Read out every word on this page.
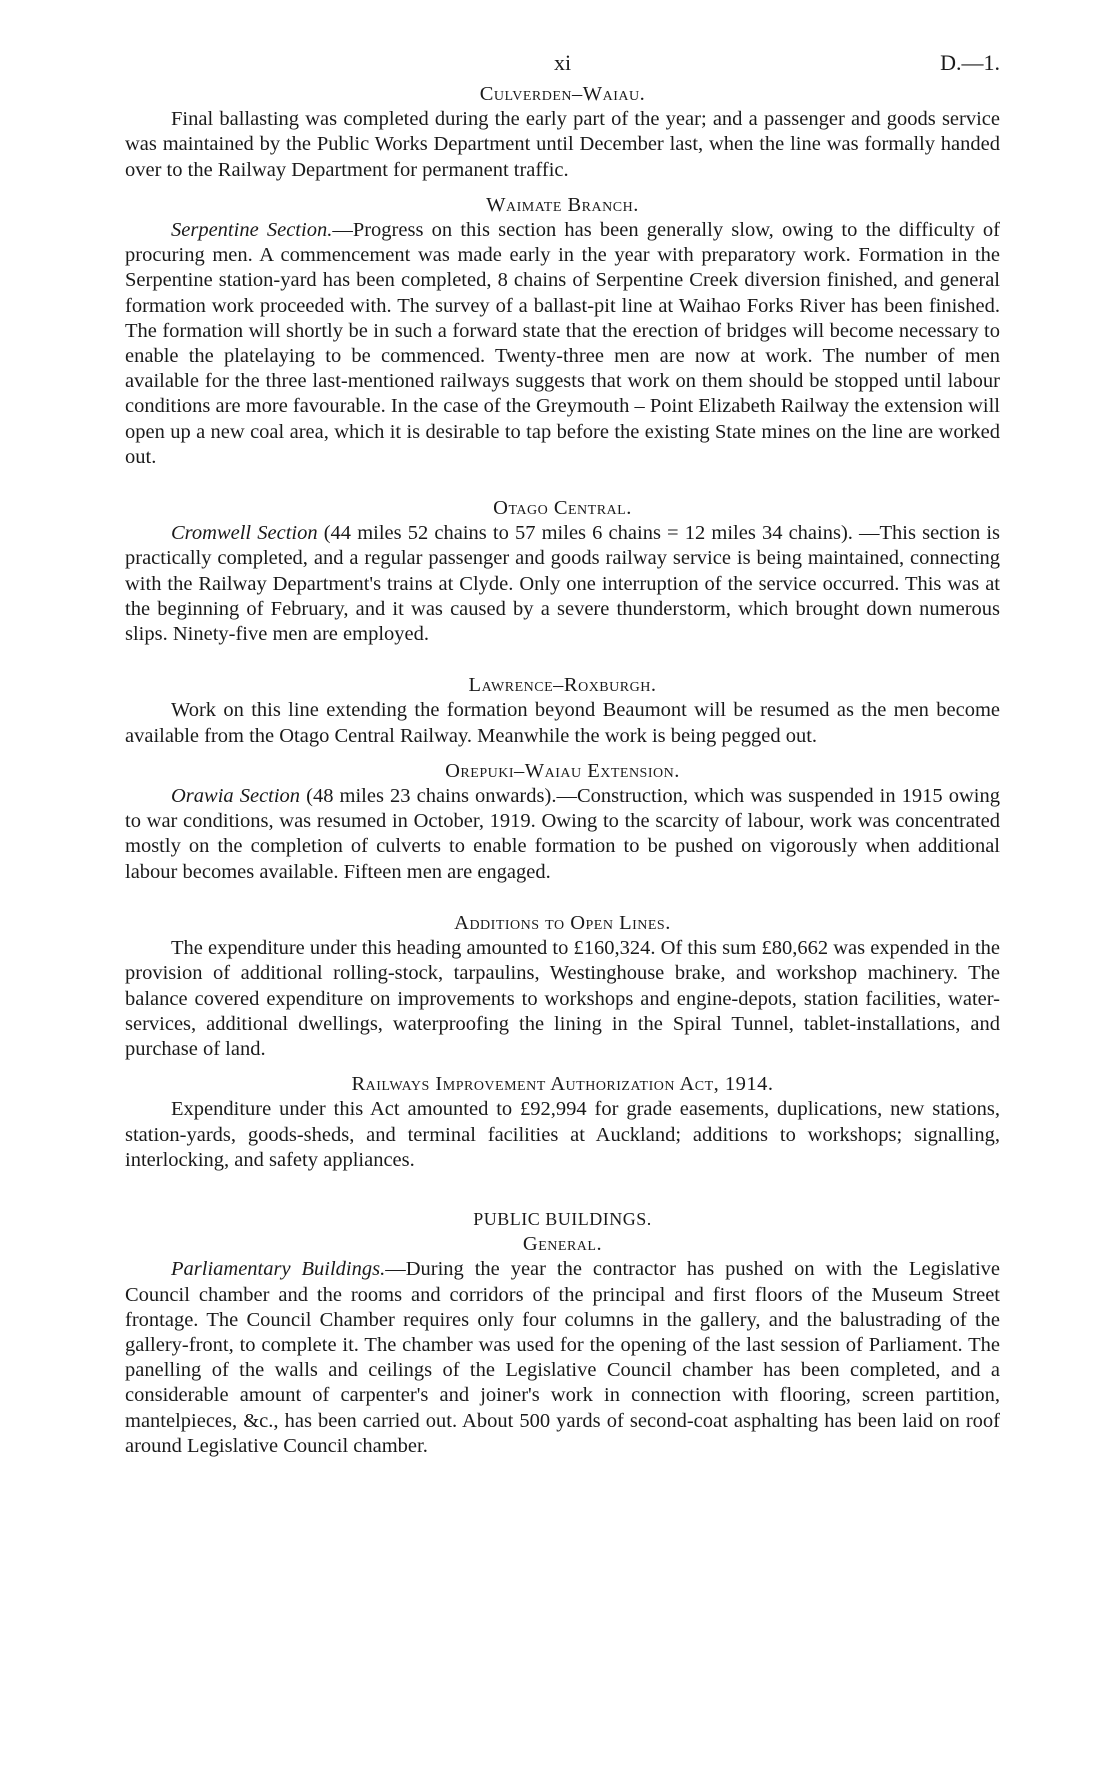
xi	D.—1.
Culverden–Waiau.

Final ballasting was completed during the early part of the year; and a passenger and goods service was maintained by the Public Works Department until December last, when the line was formally handed over to the Railway Department for permanent traffic.

Waimate Branch.

Serpentine Section.—Progress on this section has been generally slow, owing to the difficulty of procuring men. A commencement was made early in the year with preparatory work. Formation in the Serpentine station-yard has been completed, 8 chains of Serpentine Creek diversion finished, and general formation work proceeded with. The survey of a ballast-pit line at Waihao Forks River has been finished. The formation will shortly be in such a forward state that the erection of bridges will become necessary to enable the platelaying to be commenced. Twenty-three men are now at work. The number of men available for the three last-mentioned railways suggests that work on them should be stopped until labour conditions are more favourable. In the case of the Greymouth – Point Elizabeth Railway the extension will open up a new coal area, which it is desirable to tap before the existing State mines on the line are worked out.

Otago Central.

Cromwell Section (44 miles 52 chains to 57 miles 6 chains = 12 miles 34 chains). —This section is practically completed, and a regular passenger and goods railway service is being maintained, connecting with the Railway Department's trains at Clyde. Only one interruption of the service occurred. This was at the beginning of February, and it was caused by a severe thunderstorm, which brought down numerous slips. Ninety-five men are employed.

Lawrence–Roxburgh.

Work on this line extending the formation beyond Beaumont will be resumed as the men become available from the Otago Central Railway. Meanwhile the work is being pegged out.

Orepuki–Waiau Extension.

Orawia Section (48 miles 23 chains onwards).—Construction, which was suspended in 1915 owing to war conditions, was resumed in October, 1919. Owing to the scarcity of labour, work was concentrated mostly on the completion of culverts to enable formation to be pushed on vigorously when additional labour becomes available. Fifteen men are engaged.

Additions to Open Lines.

The expenditure under this heading amounted to £160,324. Of this sum £80,662 was expended in the provision of additional rolling-stock, tarpaulins, Westinghouse brake, and workshop machinery. The balance covered expenditure on improvements to workshops and engine-depots, station facilities, water-services, additional dwellings, waterproofing the lining in the Spiral Tunnel, tablet-installations, and purchase of land.

Railways Improvement Authorization Act, 1914.

Expenditure under this Act amounted to £92,994 for grade easements, duplications, new stations, station-yards, goods-sheds, and terminal facilities at Auckland; additions to workshops; signalling, interlocking, and safety appliances.

PUBLIC BUILDINGS.
General.

Parliamentary Buildings.—During the year the contractor has pushed on with the Legislative Council chamber and the rooms and corridors of the principal and first floors of the Museum Street frontage. The Council Chamber requires only four columns in the gallery, and the balustrading of the gallery-front, to complete it. The chamber was used for the opening of the last session of Parliament. The panelling of the walls and ceilings of the Legislative Council chamber has been completed, and a considerable amount of carpenter's and joiner's work in connection with flooring, screen partition, mantelpieces, &c., has been carried out. About 500 yards of second-coat asphalting has been laid on roof around Legislative Council chamber.
